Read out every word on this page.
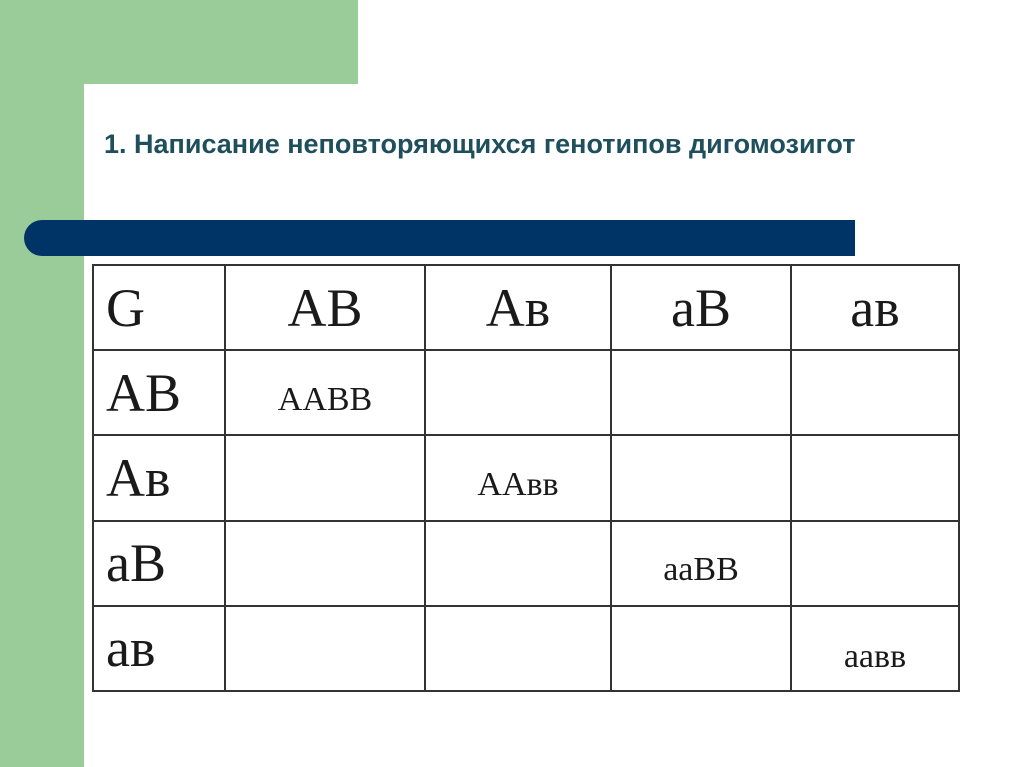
1. Написание неповторяющихся генотипов дигомозигот
G	АВ	Ав	аВ	ав
АВ	ААВВ			
Ав		ААвв		
аВ			ааВВ	
ав				аавв
